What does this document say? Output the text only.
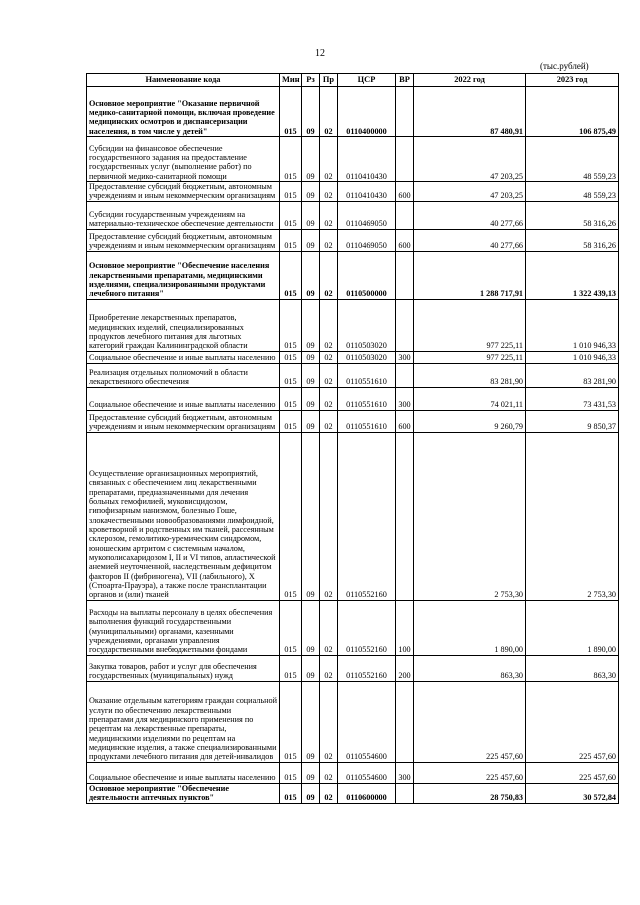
12
(тыс.рублей)
Наименование кода	Мин	Рз	Пр	ЦСР	ВР	2022 год	2023 год
Основное мероприятие "Оказание первичной медико-санитарной помощи, включая проведение медицинских осмотров и диспансеризации населения, в том числе у детей"	015	09	02	0110400000		87 480,91	106 875,49
Субсидии на финансовое обеспечение государственного задания на предоставление государственных услуг (выполнение работ) по первичной медико-санитарной помощи	015	09	02	0110410430		47 203,25	48 559,23
Предоставление субсидий бюджетным, автономным учреждениям и иным некоммерческим организациям	015	09	02	0110410430	600	47 203,25	48 559,23
Субсидии государственным учреждениям на материально-техническое обеспечение деятельности	015	09	02	0110469050		40 277,66	58 316,26
Предоставление субсидий бюджетным, автономным учреждениям и иным некоммерческим организациям	015	09	02	0110469050	600	40 277,66	58 316,26
Основное мероприятие "Обеспечение населения лекарственными препаратами, медицинскими изделиями, специализированными продуктами лечебного питания"	015	09	02	0110500000		1 288 717,91	1 322 439,13
Приобретение лекарственных препаратов, медицинских изделий, специализированных продуктов лечебного питания для льготных категорий граждан Калининградской области	015	09	02	0110503020		977 225,11	1 010 946,33
Социальное обеспечение и иные выплаты населению	015	09	02	0110503020	300	977 225,11	1 010 946,33
Реализация отдельных полномочий в области лекарственного обеспечения	015	09	02	0110551610		83 281,90	83 281,90
Социальное обеспечение и иные выплаты населению	015	09	02	0110551610	300	74 021,11	73 431,53
Предоставление субсидий бюджетным, автономным учреждениям и иным некоммерческим организациям	015	09	02	0110551610	600	9 260,79	9 850,37
Осуществление организационных мероприятий, связанных с обеспечением лиц лекарственными препаратами, предназначенными для лечения больных гемофилией, муковисцидозом, гипофизарным нанизмом, болезнью Гоше, злокачественными новообразованиями лимфоидной, кроветворной и родственных им тканей, рассеянным склерозом, гемолитико-уремическим синдромом, юношеским артритом с системным началом, мукополисахаридозом I, II и VI типов, апластической анемией неуточненной, наследственным дефицитом факторов II (фибриногена), VII (лабильного), X (Стюарта-Прауэра), а также после трансплантации органов и (или) тканей	015	09	02	0110552160		2 753,30	2 753,30
Расходы на выплаты персоналу в целях обеспечения выполнения функций государственными (муниципальными) органами, казенными учреждениями, органами управления государственными внебюджетными фондами	015	09	02	0110552160	100	1 890,00	1 890,00
Закупка товаров, работ и услуг для обеспечения государственных (муниципальных) нужд	015	09	02	0110552160	200	863,30	863,30
Оказание отдельным категориям граждан социальной услуги по обеспечению лекарственными препаратами для медицинского применения по рецептам на лекарственные препараты, медицинскими изделиями по рецептам на медицинские изделия, а также специализированными продуктами лечебного питания для детей-инвалидов	015	09	02	0110554600		225 457,60	225 457,60
Социальное обеспечение и иные выплаты населению	015	09	02	0110554600	300	225 457,60	225 457,60
Основное мероприятие "Обеспечение деятельности аптечных пунктов"	015	09	02	0110600000		28 750,83	30 572,84
